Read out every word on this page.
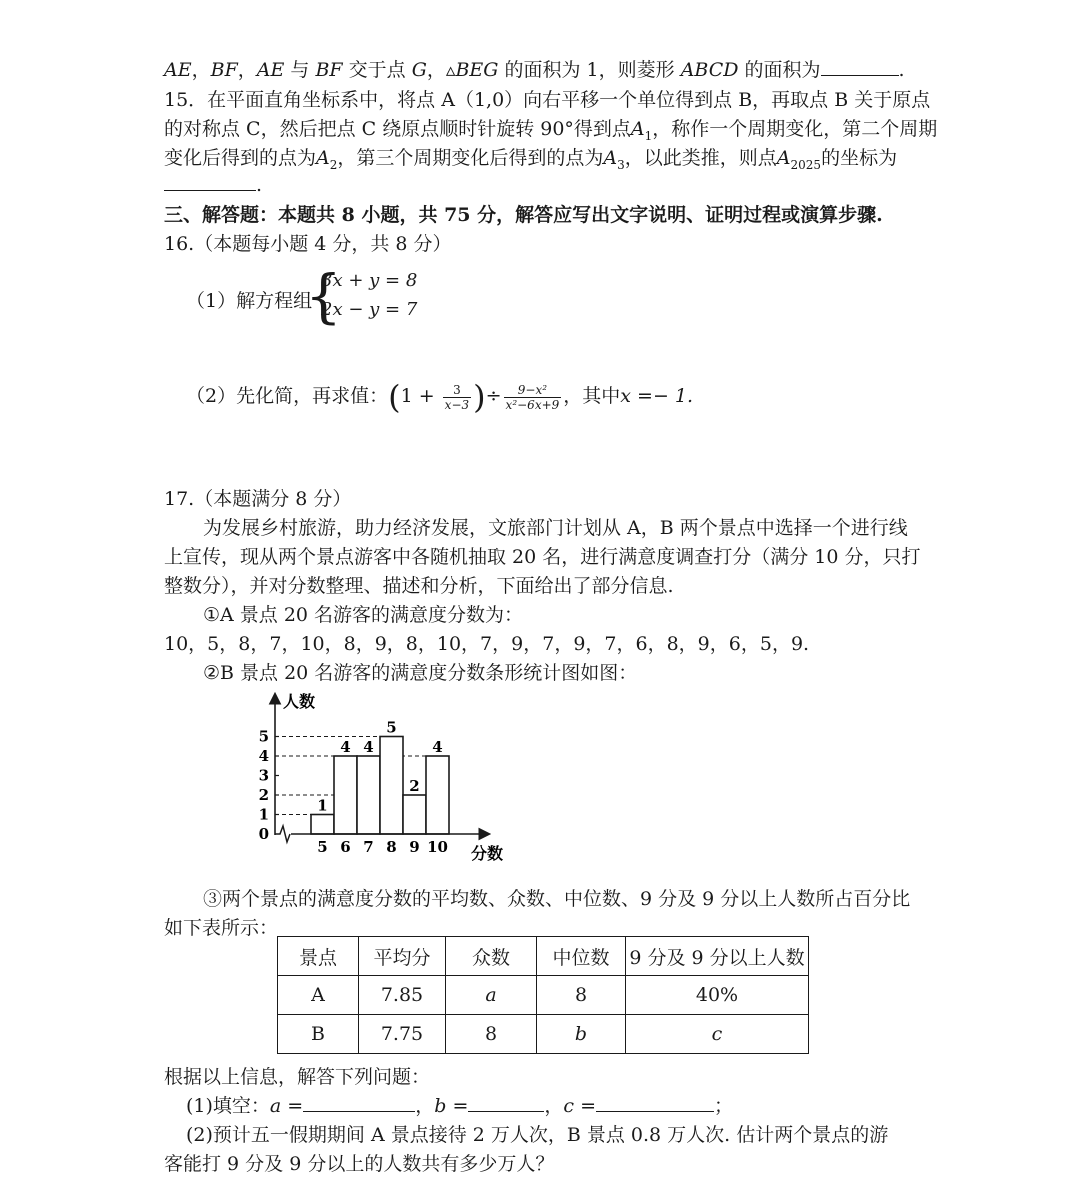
AE，BF，AE 与 BF 交于点 G，▵BEG 的面积为 1，则菱形 ABCD 的面积为	.
15．在平面直角坐标系中，将点 A（1,0）向右平移一个单位得到点 B，再取点 B 关于原点
的对称点 C，然后把点 C 绕原点顺时针旋转 90°得到点$A_1$，称作一个周期变化，第二个周期
变化后得到的点为$A_2$，第三个周期变化后得到的点为$A_3$，以此类推，则点$A_{2025}$的坐标为
.
三、解答题：本题共 8 小题，共 75 分，解答应写出文字说明、证明过程或演算步骤.
16.（本题每小题 4 分，共 8 分）
（1）解方程组
{
3x + y = 8
2x − y = 7
（2）先化简，再求值：($1 + \frac{3}{x-3}$ )÷ $\frac{\text{9−x²}}{\text{x²−6x+9}}$ ，其中x =− 1.
17.（本题满分 8 分）
为发展乡村旅游，助力经济发展，文旅部门计划从 A，B 两个景点中选择一个进行线
上宣传，现从两个景点游客中各随机抽取 20 名，进行满意度调查打分（满分 10 分，只打
整数分），并对分数整理、描述和分析，下面给出了部分信息.
①A 景点 20 名游客的满意度分数为：
10，5，8，7，10，8，9，8，10，7，9，7，9，7，6，8，9，6，5，9.
②B 景点 20 名游客的满意度分数条形统计图如图：
1
4 4
5
2
4
0
1
2
3
4
5
5 6 7 8 9 10
人数
分数
③两个景点的满意度分数的平均数、众数、中位数、9 分及 9 分以上人数所占百分比
如下表所示：
景点	平均分	众数	中位数	9 分及 9 分以上人数
A	7.85	a	8	40%
B	7.75	8	b	c
根据以上信息，解答下列问题：
(1)填空：a =	，b =	，c =	；
(2)预计五一假期期间 A 景点接待 2 万人次，B 景点 0.8 万人次. 估计两个景点的游
客能打 9 分及 9 分以上的人数共有多少万人？
